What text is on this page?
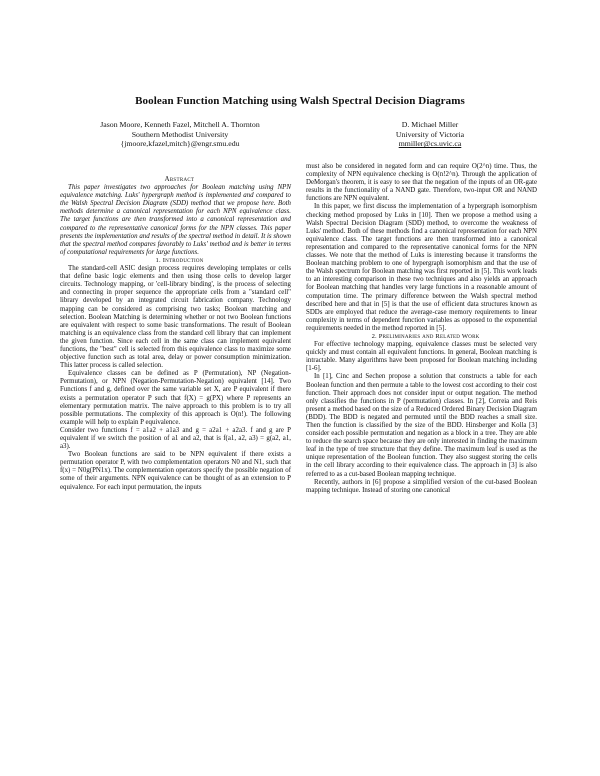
Boolean Function Matching using Walsh Spectral Decision Diagrams
Jason Moore, Kenneth Fazel, Mitchell A. Thornton
Southern Methodist University
{jmoore,kfazel,mitch}@engr.smu.edu
D. Michael Miller
University of Victoria
mmiller@cs.uvic.ca

Abstract

This paper investigates two approaches for Boolean matching using NPN equivalence matching. Luks' hypergraph method is implemented and compared to the Walsh Spectral Decision Diagram (SDD) method that we propose here. Both methods determine a canonical representation for each NPN equivalence class. The target functions are then transformed into a canonical representation and compared to the representative canonical forms for the NPN classes. This paper presents the implementation and results of the spectral method in detail. It is shown that the spectral method compares favorably to Luks' method and is better in terms of computational requirements for large functions.

1. Introduction

The standard-cell ASIC design process requires developing templates or cells that define basic logic elements and then using those cells to develop larger circuits. Technology mapping, or 'cell-library binding', is the process of selecting and connecting in proper sequence the appropriate cells from a "standard cell" library developed by an integrated circuit fabrication company. Technology mapping can be considered as comprising two tasks; Boolean matching and selection. Boolean Matching is determining whether or not two Boolean functions are equivalent with respect to some basic transformations. The result of Boolean matching is an equivalence class from the standard cell library that can implement the given function. Since each cell in the same class can implement equivalent functions, the "best" cell is selected from this equivalence class to maximize some objective function such as total area, delay or power consumption minimization. This latter process is called selection.

Equivalence classes can be defined as P (Permutation), NP (Negation-Permutation), or NPN (Negation-Permutation-Negation) equivalent [14]. Two Functions f and g, defined over the same variable set X, are P equivalent if there exists a permutation operator P such that f(X) = g(PX) where P represents an elementary permutation matrix. The naive approach to this problem is to try all possible permutations. The complexity of this approach is O(n!). The following example will help to explain P equivalence.

Consider two functions f = a1a2 + a1a3 and g = a2a1 + a2a3. f and g are P equivalent if we switch the position of a1 and a2, that is f(a1, a2, a3) = g(a2, a1, a3).

Two Boolean functions are said to be NPN equivalent if there exists a permutation operator P, with two complementation operators N0 and N1, such that f(x) = N0g(PN1x). The complementation operators specify the possible negation of some of their arguments. NPN equivalence can be thought of as an extension to P equivalence. For each input permutation, the inputs

must also be considered in negated form and can require O(2^n) time. Thus, the complexity of NPN equivalence checking is O(n!2^n). Through the application of DeMorgan's theorem, it is easy to see that the negation of the inputs of an OR-gate results in the functionality of a NAND gate. Therefore, two-input OR and NAND functions are NPN equivalent.

In this paper, we first discuss the implementation of a hypergraph isomorphism checking method proposed by Luks in [10]. Then we propose a method using a Walsh Spectral Decision Diagram (SDD) method, to overcome the weakness of Luks' method. Both of these methods find a canonical representation for each NPN equivalence class. The target functions are then transformed into a canonical representation and compared to the representative canonical forms for the NPN classes. We note that the method of Luks is interesting because it transforms the Boolean matching problem to one of hypergraph isomorphism and that the use of the Walsh spectrum for Boolean matching was first reported in [5]. This work leads to an interesting comparison in these two techniques and also yields an approach for Boolean matching that handles very large functions in a reasonable amount of computation time. The primary difference between the Walsh spectral method described here and that in [5] is that the use of efficient data structures known as SDDs are employed that reduce the average-case memory requirements to linear complexity in terms of dependent function variables as opposed to the exponential requirements needed in the method reported in [5].

2. Preliminaries and Related Work

For effective technology mapping, equivalence classes must be selected very quickly and must contain all equivalent functions. In general, Boolean matching is intractable. Many algorithms have been proposed for Boolean matching including [1-6].

In [1], Cinc and Sechen propose a solution that constructs a table for each Boolean function and then permute a table to the lowest cost according to their cost function. Their approach does not consider input or output negation. The method only classifies the functions in P (permutation) classes. In [2], Correia and Reis present a method based on the size of a Reduced Ordered Binary Decision Diagram (BDD). The BDD is negated and permuted until the BDD reaches a small size. Then the function is classified by the size of the BDD. Hinsberger and Kolla [3] consider each possible permutation and negation as a block in a tree. They are able to reduce the search space because they are only interested in finding the maximum leaf in the type of tree structure that they define. The maximum leaf is used as the unique representation of the Boolean function. They also suggest storing the cells in the cell library according to their equivalence class. The approach in [3] is also referred to as a cut-based Boolean mapping technique.

Recently, authors in [6] propose a simplified version of the cut-based Boolean mapping technique. Instead of storing one canonical
